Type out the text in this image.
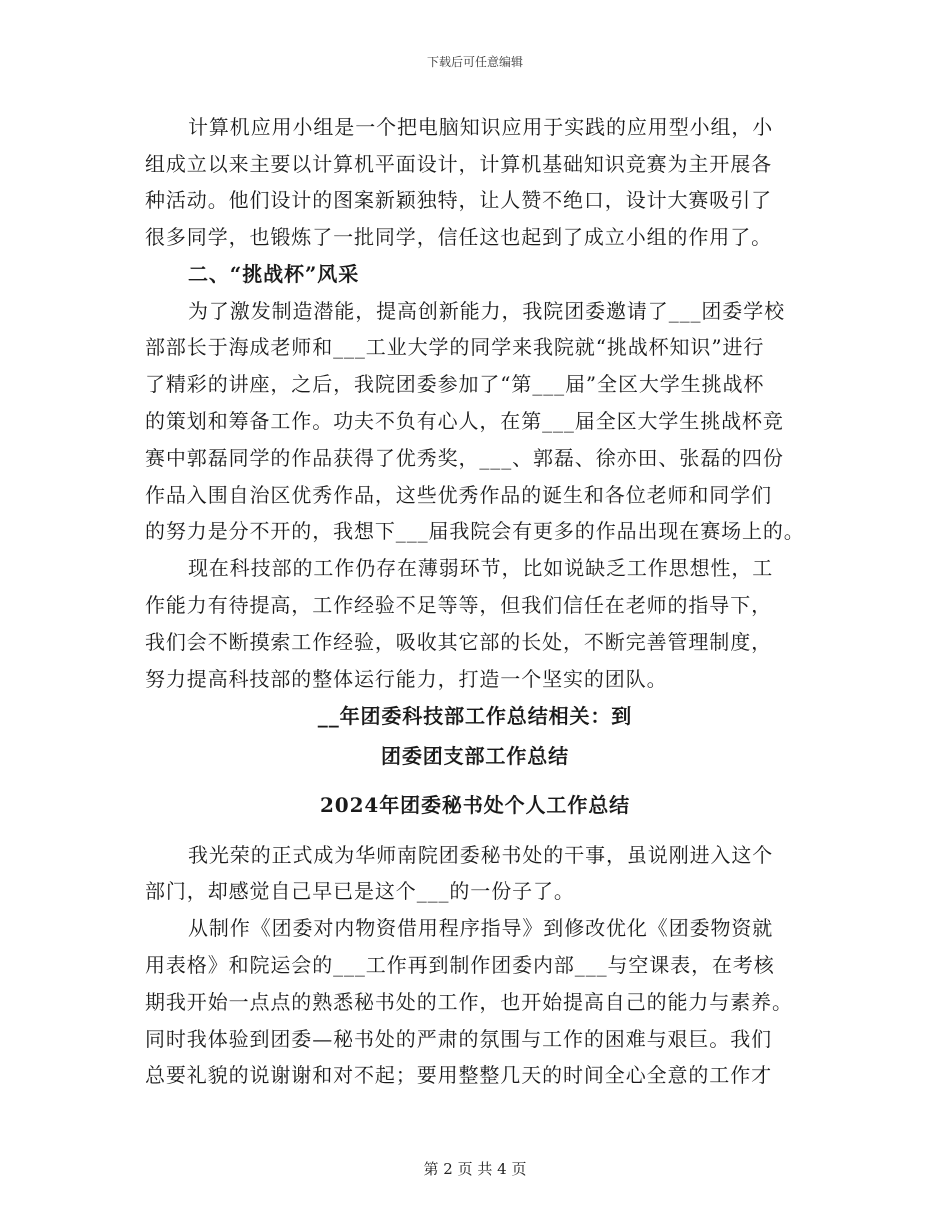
下载后可任意编辑
计算机应用小组是一个把电脑知识应用于实践的应用型小组，小
组成立以来主要以计算机平面设计，计算机基础知识竞赛为主开展各
种活动。他们设计的图案新颖独特，让人赞不绝口，设计大赛吸引了
很多同学，也锻炼了一批同学，信任这也起到了成立小组的作用了。
二、“挑战杯”风采
为了激发制造潜能，提高创新能力，我院团委邀请了___团委学校
部部长于海成老师和___工业大学的同学来我院就“挑战杯知识”进行
了精彩的讲座，之后，我院团委参加了“第___届”全区大学生挑战杯
的策划和筹备工作。功夫不负有心人，在第___届全区大学生挑战杯竞
赛中郭磊同学的作品获得了优秀奖，___、郭磊、徐亦田、张磊的四份
作品入围自治区优秀作品，这些优秀作品的诞生和各位老师和同学们
的努力是分不开的，我想下___届我院会有更多的作品出现在赛场上的。
现在科技部的工作仍存在薄弱环节，比如说缺乏工作思想性，工
作能力有待提高，工作经验不足等等，但我们信任在老师的指导下，
我们会不断摸索工作经验，吸收其它部的长处，不断完善管理制度，
努力提高科技部的整体运行能力，打造一个坚实的团队。
__年团委科技部工作总结相关：到
团委团支部工作总结
2024年团委秘书处个人工作总结
我光荣的正式成为华师南院团委秘书处的干事，虽说刚进入这个
部门，却感觉自己早已是这个___的一份子了。
从制作《团委对内物资借用程序指导》到修改优化《团委物资就
用表格》和院运会的___工作再到制作团委内部___与空课表，在考核
期我开始一点点的熟悉秘书处的工作，也开始提高自己的能力与素养。
同时我体验到团委—秘书处的严肃的氛围与工作的困难与艰巨。我们
总要礼貌的说谢谢和对不起；要用整整几天的时间全心全意的工作才
第 2 页 共 4 页
